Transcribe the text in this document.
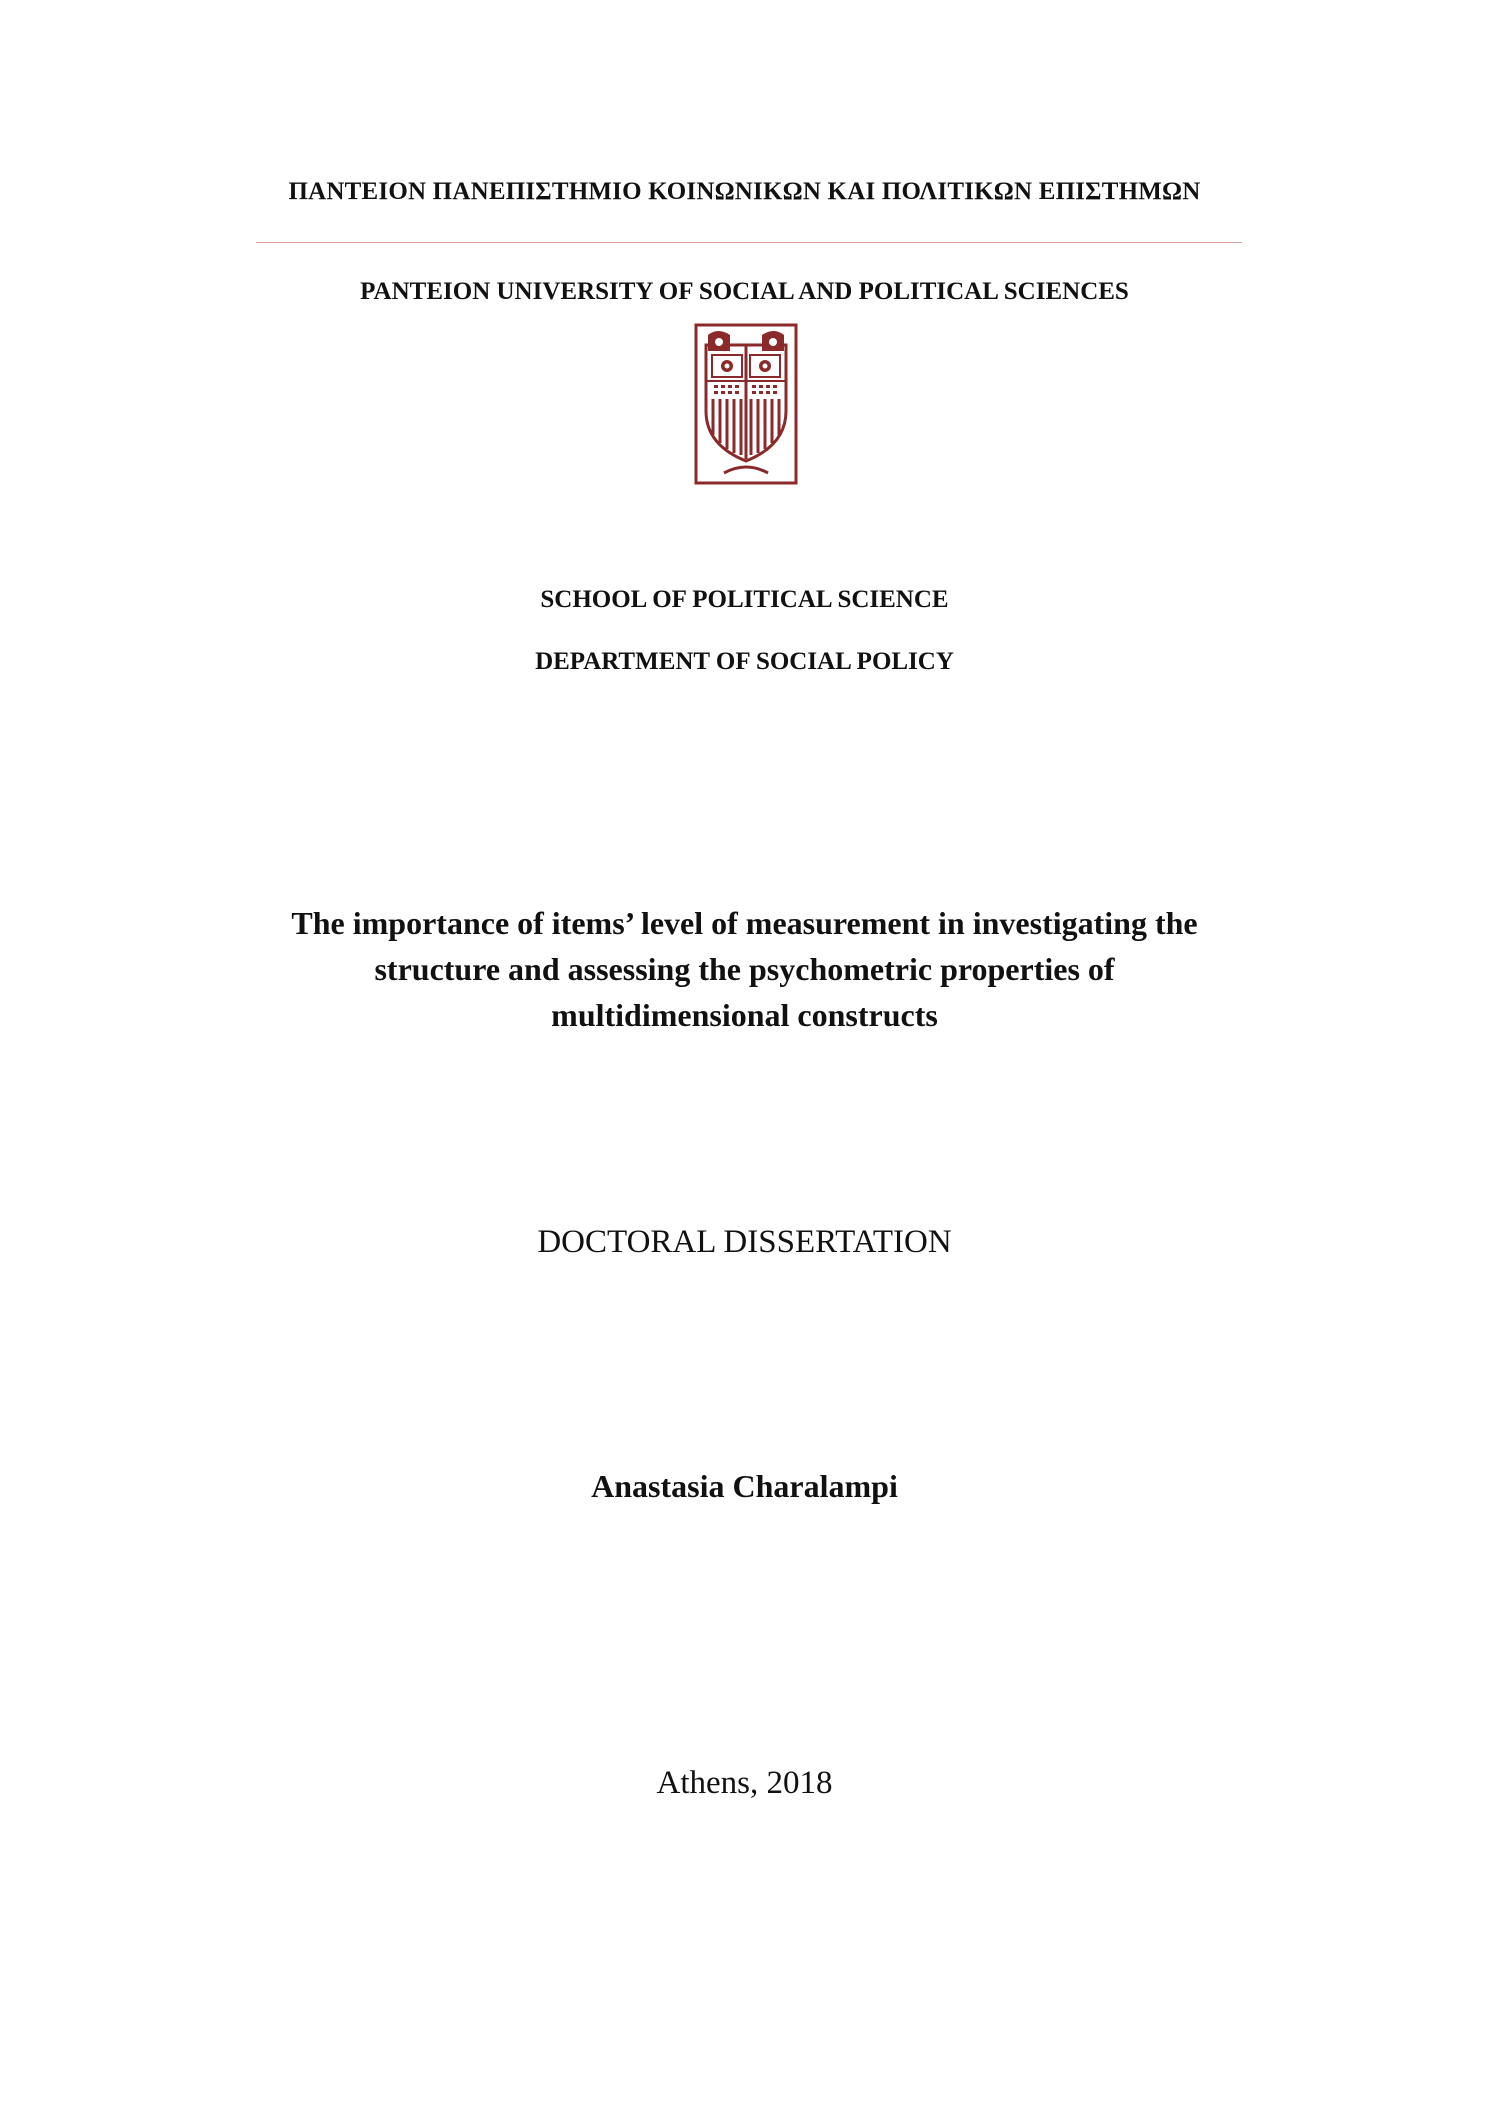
ΠΑΝΤΕΙΟΝ ΠΑΝΕΠΙΣΤΗΜΙΟ ΚΟΙΝΩΝΙΚΩΝ ΚΑΙ ΠΟΛΙΤΙΚΩΝ ΕΠΙΣΤΗΜΩΝ
PANTEION UNIVERSITY OF SOCIAL AND POLITICAL SCIENCES
SCHOOL OF POLITICAL SCIENCE
DEPARTMENT OF SOCIAL POLICY
The importance of items’ level of measurement in investigating the
structure and assessing the psychometric properties of
multidimensional constructs
DOCTORAL DISSERTATION
Anastasia Charalampi
Athens, 2018
